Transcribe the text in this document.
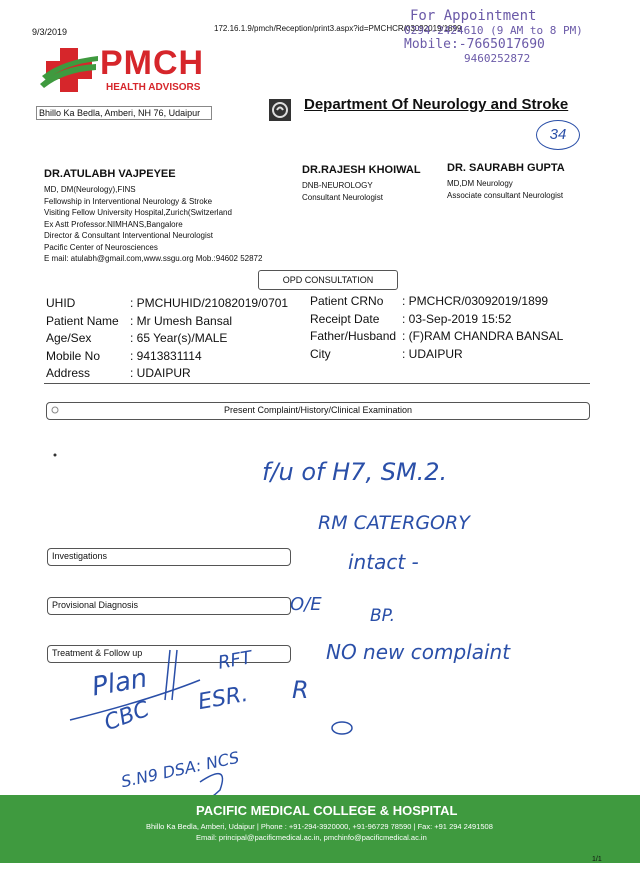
9/3/2019	172.16.1.9/pmch/Reception/print3.aspx?id=PMCHCR/03092019/1899
For Appointment
0294-2424610 (9 AM to 8 PM)
Mobile:-7665017690
9460252872
PMCH
HEALTH ADVISORS
Bhillo Ka Bedla, Amberi, NH 76, Udaipur	Department Of Neurology and Stroke
34
DR.ATULABH VAJPEYEE
MD, DM(Neurology),FINS
Fellowship in Interventional Neurology & Stroke
Visiting Fellow University Hospital,Zurich(Switzerland
Ex Astt Professor.NIMHANS,Bangalore
Director & Consultant Interventional Neurologist
Pacific Center of Neurosciences
E mail: atulabh@gmail.com,www.ssgu.org Mob.:94602 52872
DR.RAJESH KHOIWAL
DNB-NEUROLOGY
Consultant Neurologist
DR. SAURABH GUPTA
MD,DM Neurology
Associate consultant Neurologist
OPD CONSULTATION
UHID	: PMCHUHID/21082019/0701
Patient Name : Mr Umesh Bansal
Age/Sex	: 65 Year(s)/MALE
Mobile No	: 9413831114
Address	: UDAIPUR
Patient CRNo	: PMCHCR/03092019/1899
Receipt Date	: 03-Sep-2019 15:52
Father/Husband : (F)RAM CHANDRA BANSAL
City	: UDAIPUR
Present Complaint/History/Clinical Examination
Investigations
Provisional Diagnosis
Treatment & Follow up
f/u of H7, SM.2.
RM CATERGORY
intact -
O/E
BP.
NO new complaint
Plan
CBC
RFT
ESR. R
S.N9 DSA: NCS
PACIFIC MEDICAL COLLEGE & HOSPITAL
Bhillo Ka Bedla, Amberi, Udaipur | Phone : +91-294-3920000, +91-96729 78590 | Fax: +91 294 2491508
Email: principal@pacificmedical.ac.in, pmchinfo@pacificmedical.ac.in
1/1
